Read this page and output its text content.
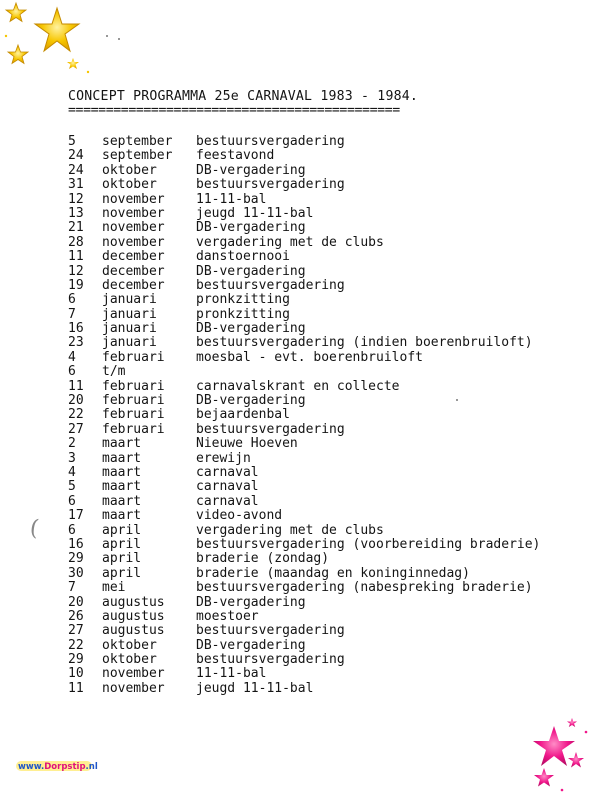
www.Dorpstip.nl
(
CONCEPT PROGRAMMA 25e CARNAVAL 1983 - 1984.
============================================
5 september bestuursvergadering
24 september feestavond
24 oktober	DB-vergadering
31 oktober	bestuursvergadering
12 november 11-11-bal
13 november jeugd 11-11-bal
21 november DB-vergadering
28 november vergadering met de clubs
11 december danstoernooi
12 december DB-vergadering
19 december bestuursvergadering
6 januari	pronkzitting
7 januari	pronkzitting
16 januari	DB-vergadering
23 januari	bestuursvergadering (indien boerenbruiloft)
4 februari moesbal - evt. boerenbruiloft
6 t/m
11 februari carnavalskrant en collecte
20 februari DB-vergadering
22 februari bejaardenbal
27 februari bestuursvergadering
2 maart	Nieuwe Hoeven
3 maart	erewijn
4 maart	carnaval
5 maart	carnaval
6 maart	carnaval
17 maart	video-avond
6 april	vergadering met de clubs
16 april	bestuursvergadering (voorbereiding braderie)
29 april	braderie (zondag)
30 april	braderie (maandag en koninginnedag)
7 mei	bestuursvergadering (nabespreking braderie)
20 augustus DB-vergadering
26 augustus moestoer
27 augustus bestuursvergadering
22 oktober	DB-vergadering
29 oktober	bestuursvergadering
10 november 11-11-bal
11 november jeugd 11-11-bal
